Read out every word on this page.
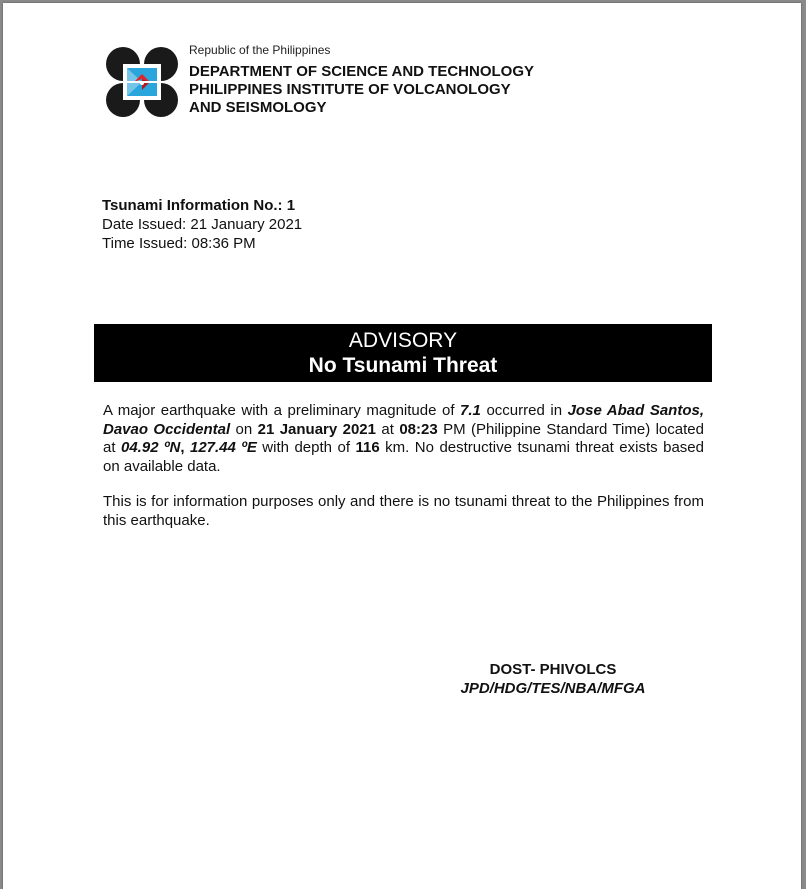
Republic of the Philippines
DEPARTMENT OF SCIENCE AND TECHNOLOGY
PHILIPPINES INSTITUTE OF VOLCANOLOGY
AND SEISMOLOGY
Tsunami Information No.: 1
Date Issued: 21 January 2021
Time Issued: 08:36 PM
ADVISORY
No Tsunami Threat

A major earthquake with a preliminary magnitude of 7.1 occurred in Jose Abad Santos, Davao Occidental on 21 January 2021 at 08:23 PM (Philippine Standard Time) located at 04.92 ºN, 127.44 ºE with depth of 116 km. No destructive tsunami threat exists based on available data.

This is for information purposes only and there is no tsunami threat to the Philippines from this earthquake.

DOST- PHIVOLCS
JPD/HDG/TES/NBA/MFGA
